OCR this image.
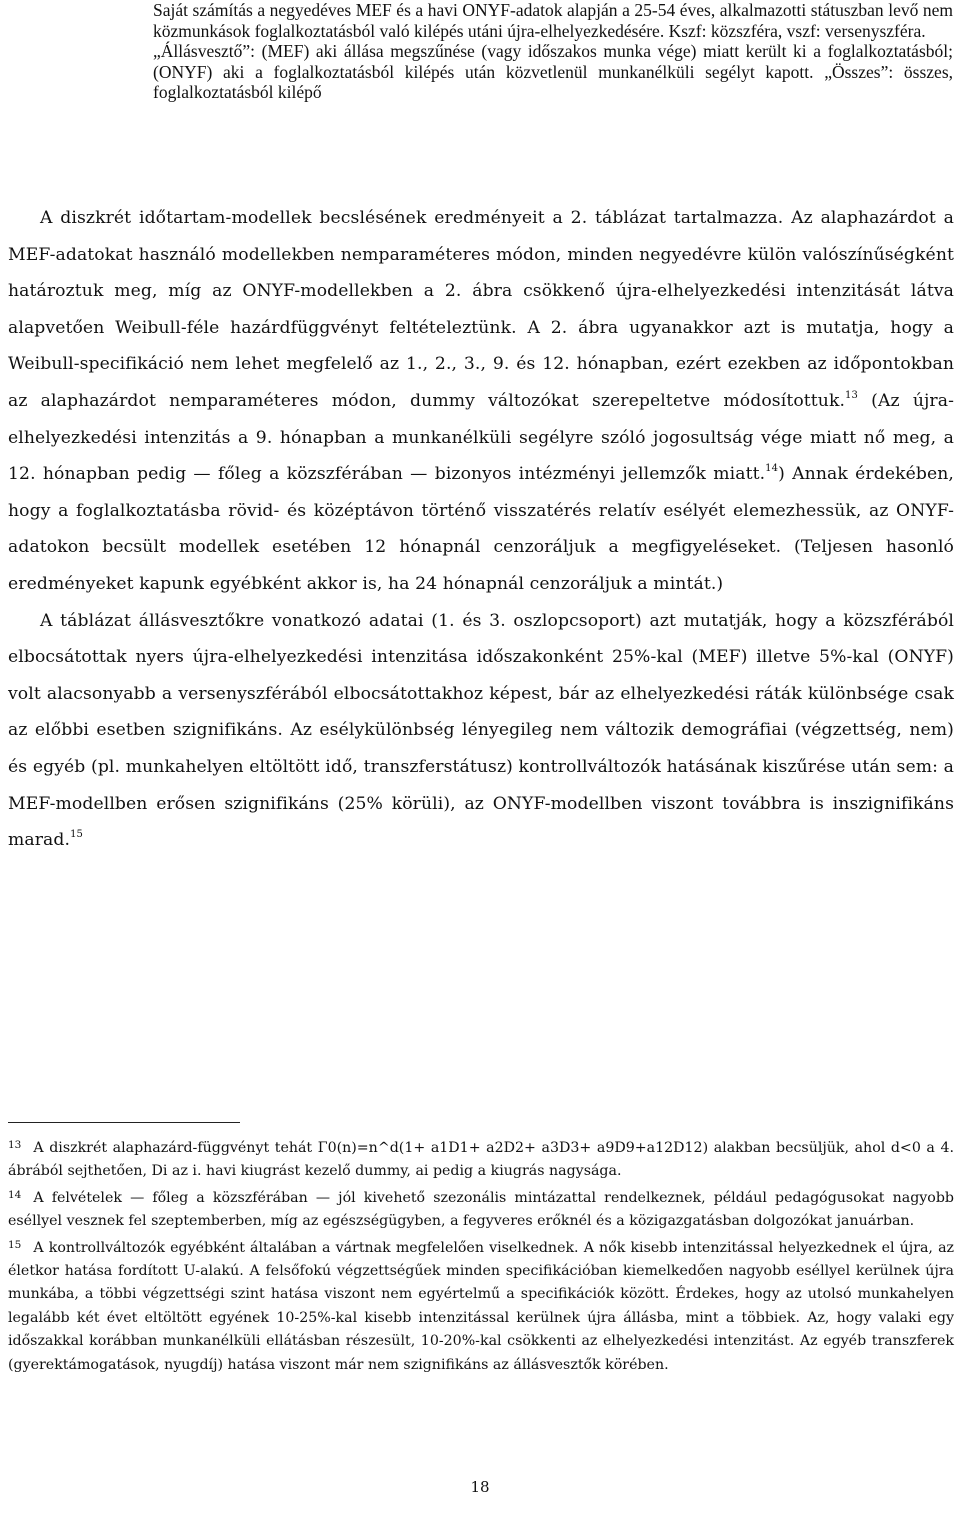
Saját számítás a negyedéves MEF és a havi ONYF-adatok alapján a 25-54 éves, alkalmazotti státuszban levő nem közmunkások foglalkoztatásból való kilépés utáni újra-elhelyezkedésére. Kszf: közszféra, vszf: versenyszféra.

„Állásvesztő”: (MEF) aki állása megszűnése (vagy időszakos munka vége) miatt került ki a foglalkoztatásból; (ONYF) aki a foglalkoztatásból kilépés után közvetlenül munkanélküli segélyt kapott. „Összes”: összes, foglalkoztatásból kilépő

A diszkrét időtartam-modellek becslésének eredményeit a 2. táblázat tartalmazza. Az alaphazárdot a MEF-adatokat használó modellekben nemparaméteres módon, minden negyedévre külön valószínűségként határoztuk meg, míg az ONYF-modellekben a 2. ábra csökkenő újra-elhelyezkedési intenzitását látva alapvetően Weibull-féle hazárdfüggvényt feltételeztünk. A 2. ábra ugyanakkor azt is mutatja, hogy a Weibull-specifikáció nem lehet megfelelő az 1., 2., 3., 9. és 12. hónapban, ezért ezekben az időpontokban az alaphazárdot nemparaméteres módon, dummy változókat szerepeltetve módosítottuk.$^{13}$ (Az újra-elhelyezkedési intenzitás a 9. hónapban a munkanélküli segélyre szóló jogosultság vége miatt nő meg, a 12. hónapban pedig — főleg a közszférában — bizonyos intézményi jellemzők miatt.$^{14}$) Annak érdekében, hogy a foglalkoztatásba rövid- és középtávon történő visszatérés relatív esélyét elemezhessük, az ONYF-adatokon becsült modellek esetében 12 hónapnál cenzoráljuk a megfigyeléseket. (Teljesen hasonló eredményeket kapunk egyébként akkor is, ha 24 hónapnál cenzoráljuk a mintát.)

A táblázat állásvesztőkre vonatkozó adatai (1. és 3. oszlopcsoport) azt mutatják, hogy a közszférából elbocsátottak nyers újra-elhelyezkedési intenzitása időszakonként 25%-kal (MEF) illetve 5%-kal (ONYF) volt alacsonyabb a versenyszférából elbocsátottakhoz képest, bár az elhelyezkedési ráták különbsége csak az előbbi esetben szignifikáns. Az esélykülönbség lényegileg nem változik demográfiai (végzettség, nem) és egyéb (pl. munkahelyen eltöltött idő, transzferstátusz) kontrollváltozók hatásának kiszűrése után sem: a MEF-modellben erősen szignifikáns (25% körüli), az ONYF-modellben viszont továbbra is inszignifikáns marad.$^{15}$

$^{13}$ A diszkrét alaphazárd-függvényt tehát Γ0(n)=n^d(1+ a1D1+ a2D2+ a3D3+ a9D9+a12D12) alakban becsüljük, ahol d<0 a 4. ábrából sejthetően, Di az i. havi kiugrást kezelő dummy, ai pedig a kiugrás nagysága.

$^{14}$ A felvételek — főleg a közszférában — jól kivehető szezonális mintázattal rendelkeznek, például pedagógusokat nagyobb eséllyel vesznek fel szeptemberben, míg az egészségügyben, a fegyveres erőknél és a közigazgatásban dolgozókat januárban.

$^{15}$ A kontrollváltozók egyébként általában a vártnak megfelelően viselkednek. A nők kisebb intenzitással helyezkednek el újra, az életkor hatása fordított U-alakú. A felsőfokú végzettségűek minden specifikációban kiemelkedően nagyobb eséllyel kerülnek újra munkába, a többi végzettségi szint hatása viszont nem egyértelmű a specifikációk között. Érdekes, hogy az utolsó munkahelyen legalább két évet eltöltött egyének 10-25%-kal kisebb intenzitással kerülnek újra állásba, mint a többiek. Az, hogy valaki egy időszakkal korábban munkanélküli ellátásban részesült, 10-20%-kal csökkenti az elhelyezkedési intenzitást. Az egyéb transzferek (gyerektámogatások, nyugdíj) hatása viszont már nem szignifikáns az állásvesztők körében.

18
